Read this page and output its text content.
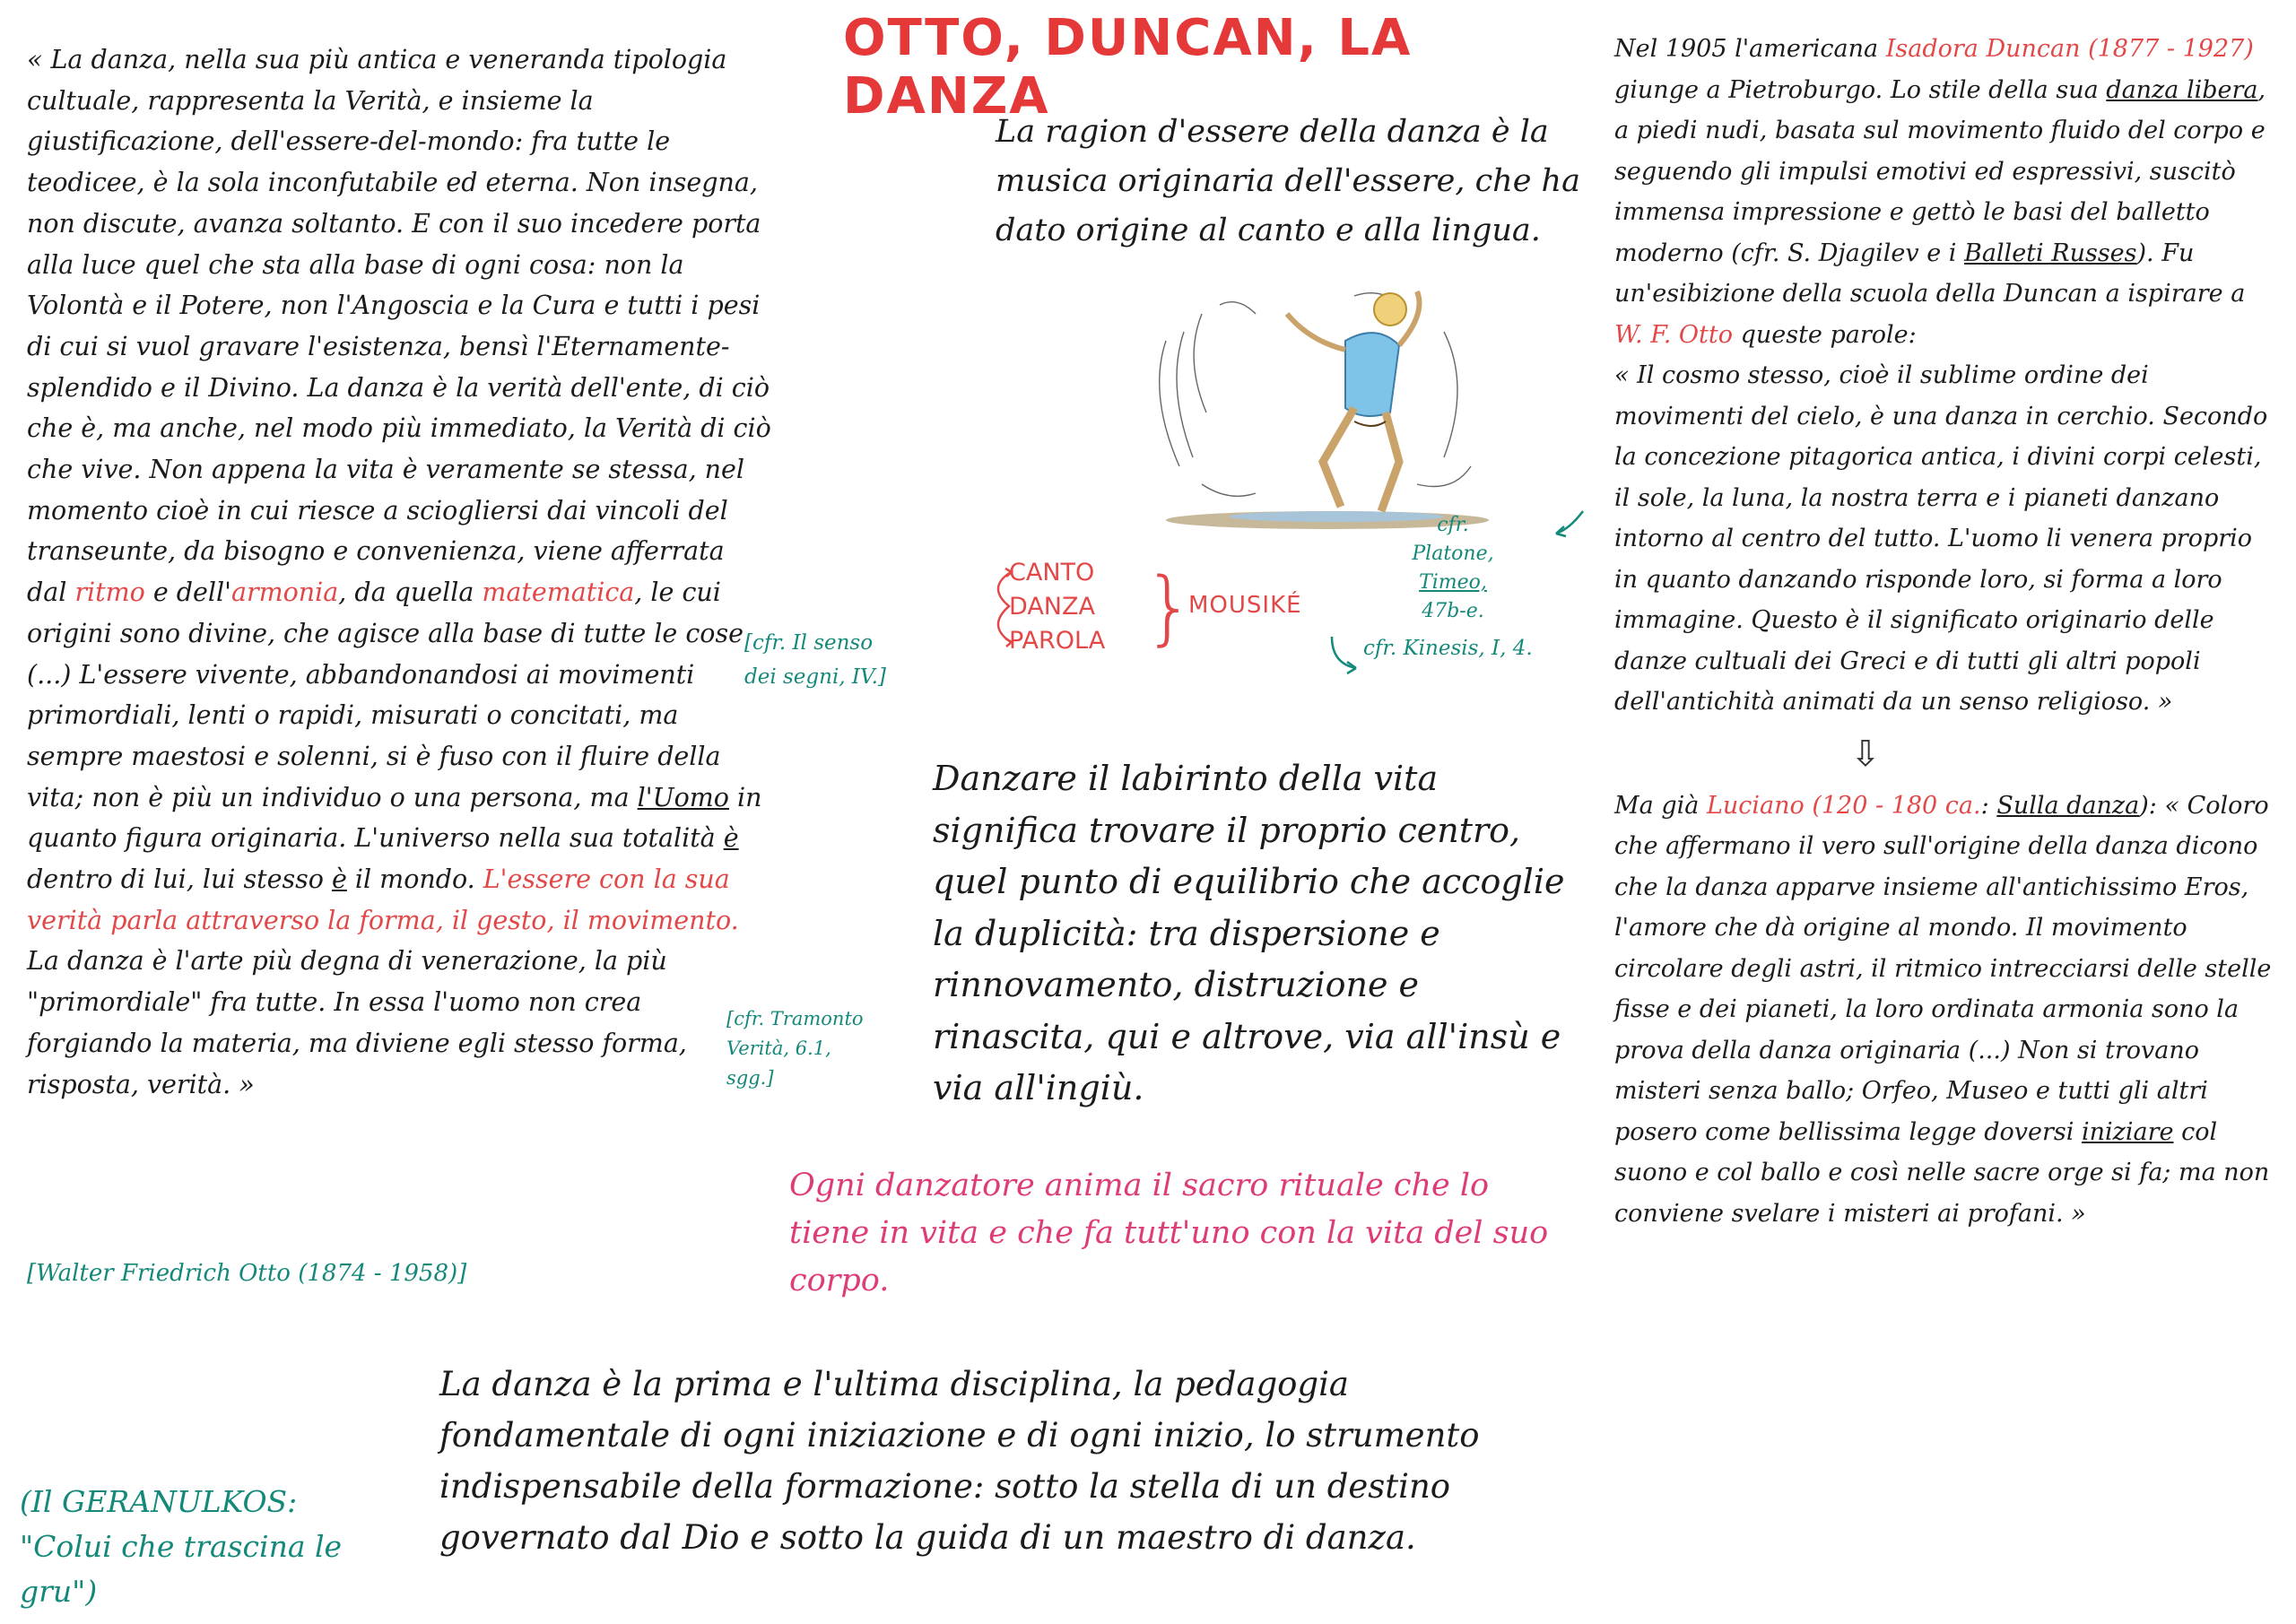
OTTO, DUNCAN, LA DANZA

« La danza, nella sua più antica e veneranda tipologia cultuale, rappresenta la Verità, e insieme la giustificazione, dell'essere-del-mondo: fra tutte le teodicee, è la sola inconfutabile ed eterna. Non insegna, non discute, avanza soltanto. E con il suo incedere porta alla luce quel che sta alla base di ogni cosa: non la Volontà e il Potere, non l'Angoscia e la Cura e tutti i pesi di cui si vuol gravare l'esistenza, bensì l'Eternamente-splendido e il Divino. La danza è la verità dell'ente, di ciò che è, ma anche, nel modo più immediato, la Verità di ciò che vive. Non appena la vita è veramente se stessa, nel momento cioè in cui riesce a sciogliersi dai vincoli del transeunte, da bisogno e convenienza, viene afferrata dal ritmo e dell'armonia, da quella matematica, le cui origini sono divine, che agisce alla base di tutte le cose (...) L'essere vivente, abbandonandosi ai movimenti primordiali, lenti o rapidi, misurati o concitati, ma sempre maestosi e solenni, si è fuso con il fluire della vita; non è più un individuo o una persona, ma l'Uomo in quanto figura originaria. L'universo nella sua totalità è dentro di lui, lui stesso è il mondo. L'essere con la sua verità parla attraverso la forma, il gesto, il movimento. La danza è l'arte più degna di venerazione, la più "primordiale" fra tutte. In essa l'uomo non crea forgiando la materia, ma diviene egli stesso forma, risposta, verità. »

[Walter Friedrich Otto (1874 - 1958)]
[cfr. Il senso dei segni, IV.]
[cfr. Tramonto Verità, 6.1, sgg.]
La ragion d'essere della danza è la musica originaria dell'essere, che ha dato origine al canto e alla lingua.
CANTO
DANZA
PAROLA }
MOUSIKÉ
cfr.
Platone,
Timeo,
47b-e.
cfr. Kinesis, I, 4.
Danzare il labirinto della vita significa trovare il proprio centro, quel punto di equilibrio che accoglie la duplicità: tra dispersione e rinnovamento, distruzione e rinascita, qui e altrove, via all'insù e via all'ingiù.
Ogni danzatore anima il sacro rituale che lo tiene in vita e che fa tutt'uno con la vita del suo corpo.
La danza è la prima e l'ultima disciplina, la pedagogia fondamentale di ogni iniziazione e di ogni inizio, lo strumento indispensabile della formazione: sotto la stella di un destino governato dal Dio e sotto la guida di un maestro di danza.
(Il GERANULKOS: "Colui che trascina le gru")

Nel 1905 l'americana Isadora Duncan (1877 - 1927) giunge a Pietroburgo. Lo stile della sua danza libera, a piedi nudi, basata sul movimento fluido del corpo e seguendo gli impulsi emotivi ed espressivi, suscitò immensa impressione e gettò le basi del balletto moderno (cfr. S. Djagilev e i Balleti Russes). Fu un'esibizione della scuola della Duncan a ispirare a W. F. Otto queste parole:

« Il cosmo stesso, cioè il sublime ordine dei movimenti del cielo, è una danza in cerchio. Secondo la concezione pitagorica antica, i divini corpi celesti, il sole, la luna, la nostra terra e i pianeti danzano intorno al centro del tutto. L'uomo li venera proprio in quanto danzando risponde loro, si forma a loro immagine. Questo è il significato originario delle danze cultuali dei Greci e di tutti gli altri popoli dell'antichità animati da un senso religioso. »

⇩

Ma già Luciano (120 - 180 ca.: Sulla danza): « Coloro che affermano il vero sull'origine della danza dicono che la danza apparve insieme all'antichissimo Eros, l'amore che dà origine al mondo. Il movimento circolare degli astri, il ritmico intrecciarsi delle stelle fisse e dei pianeti, la loro ordinata armonia sono la prova della danza originaria (...) Non si trovano misteri senza ballo; Orfeo, Museo e tutti gli altri posero come bellissima legge doversi iniziare col suono e col ballo e così nelle sacre orge si fa; ma non conviene svelare i misteri ai profani. »
